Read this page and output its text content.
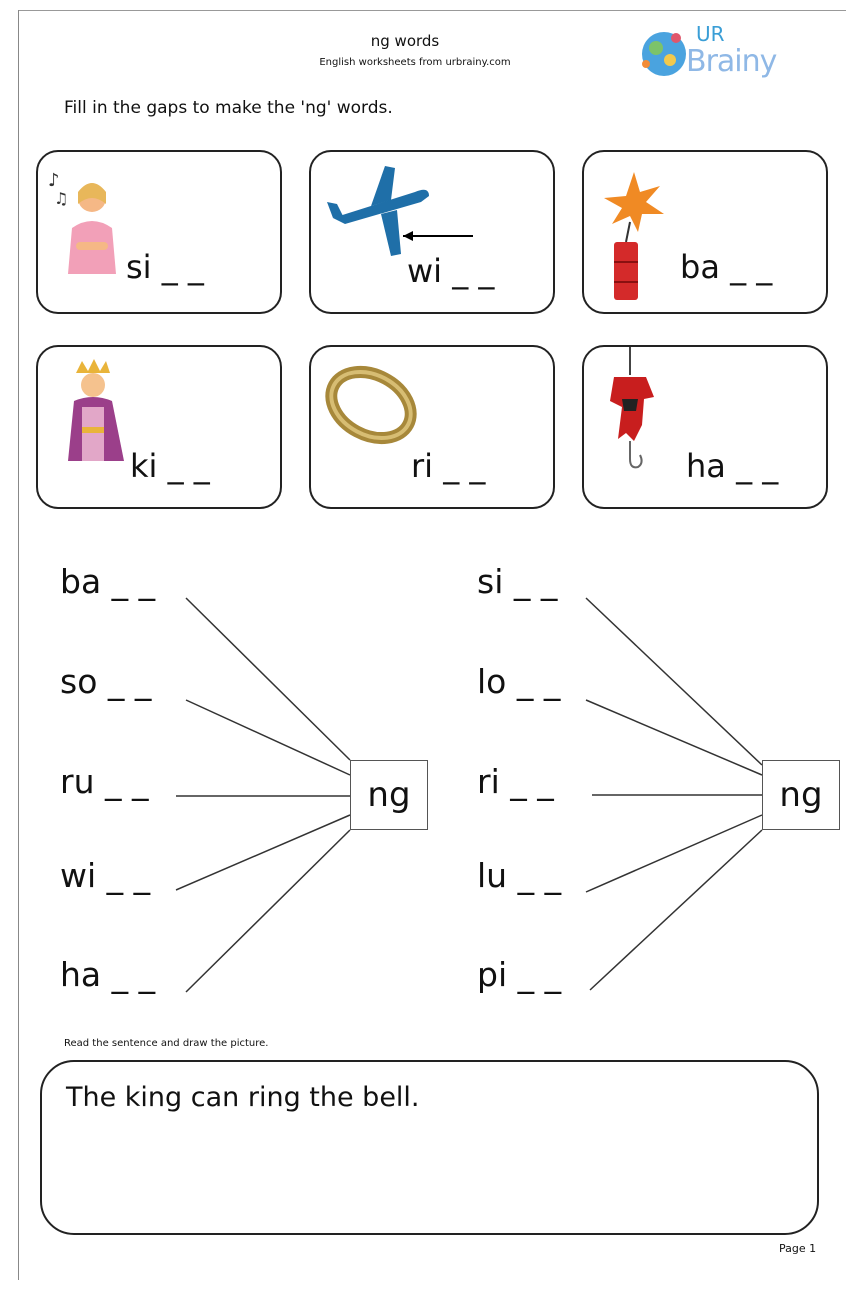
ng words
English worksheets from urbrainy.com
UR
Brainy
Fill in the gaps to make the 'ng' words.
♪
♫
si _ _	wi _ _	ba _ _
ki _ _	ri _ _	ha _ _
ba _ _
so _ _
ru _ _
wi _ _
ha _ _
ng
si _ _
lo _ _
ri _ _
lu _ _
pi _ _
ng
Read the sentence and draw the picture.
The king can ring the bell.
Page 1
